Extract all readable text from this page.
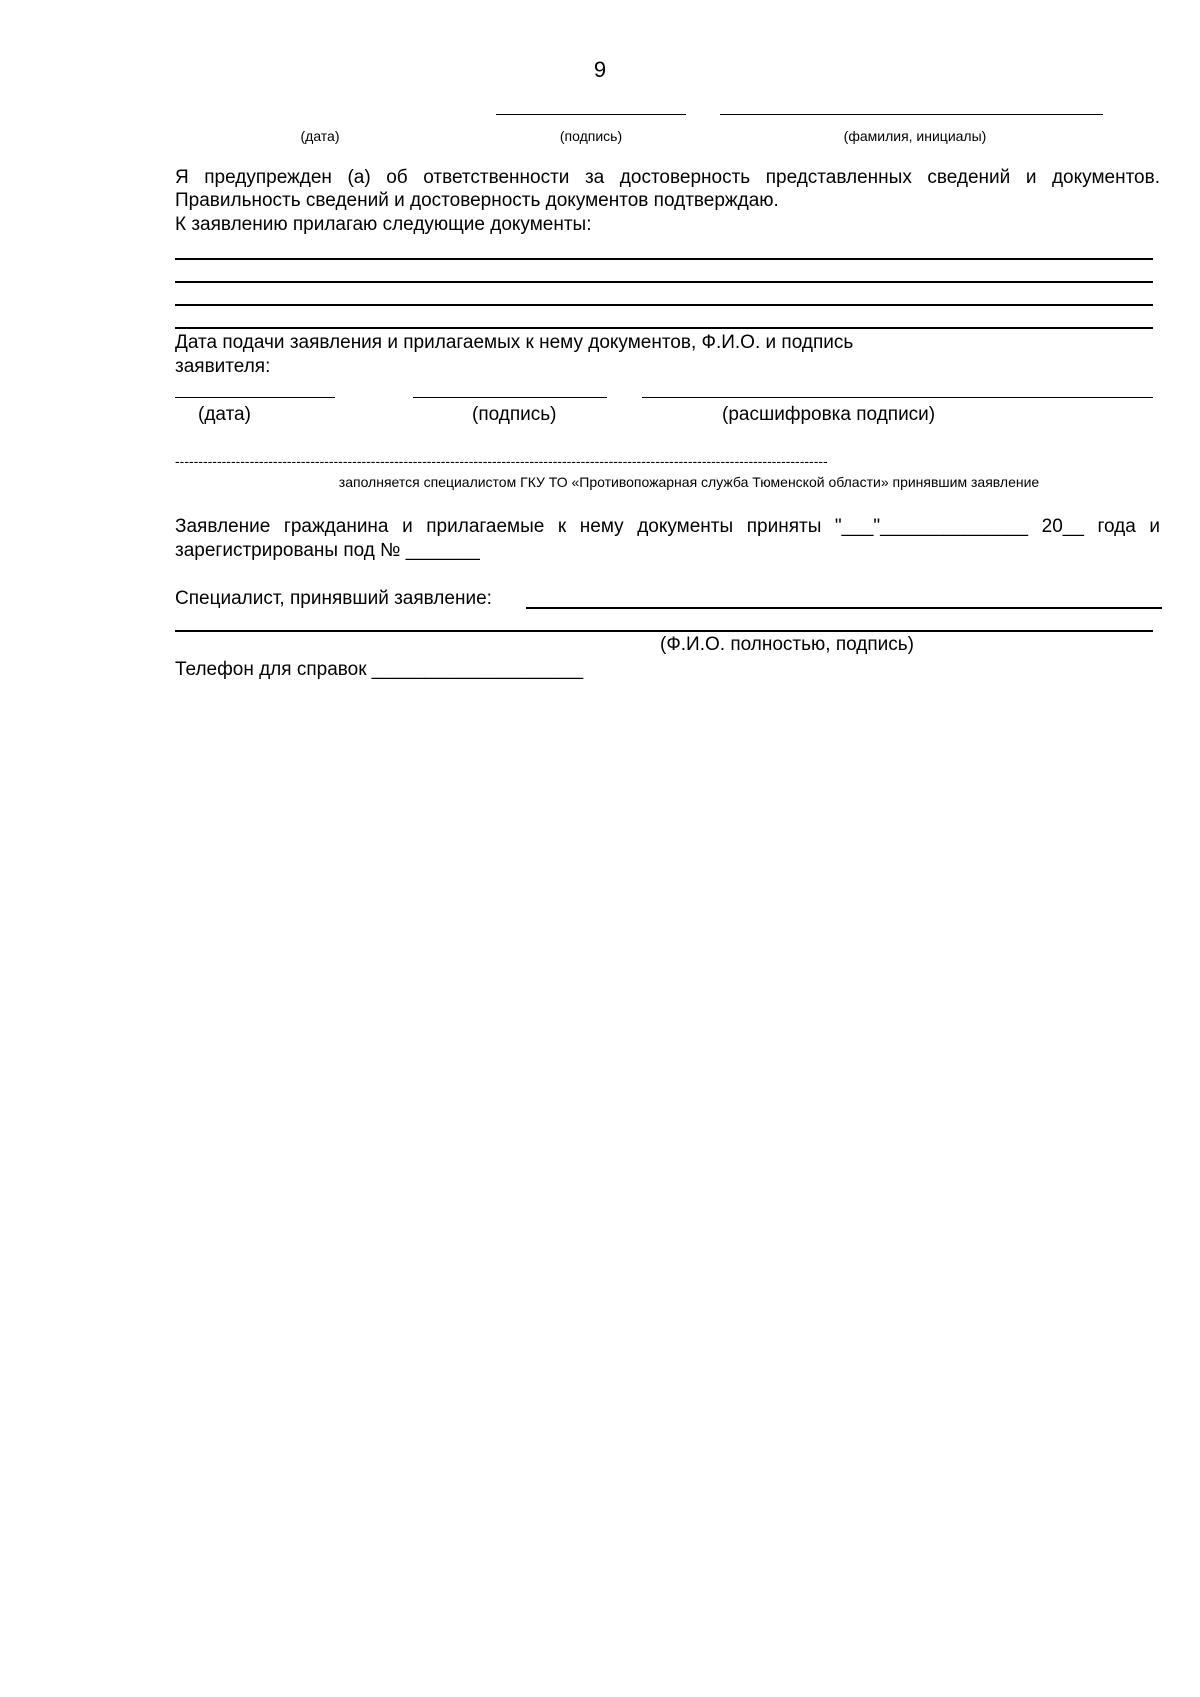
9
(дата)	(подпись)	(фамилия, инициалы)
Я предупрежден (а) об ответственности за достоверность представленных сведений и документов.
Правильность сведений и достоверность документов подтверждаю.
К заявлению прилагаю следующие документы:
Дата подачи заявления и прилагаемых к нему документов, Ф.И.О. и подпись
заявителя:
(дата)	(подпись)	(расшифровка подписи)
--------------------------------------------------------------------------------------------------------------------------------------------
заполняется специалистом ГКУ ТО «Противопожарная служба Тюменской области» принявшим заявление
Заявление гражданина и прилагаемые к нему документы приняты "___"______________ 20__ года и
зарегистрированы под № _______
Специалист, принявший заявление:
(Ф.И.О. полностью, подпись)
Телефон для справок ____________________
